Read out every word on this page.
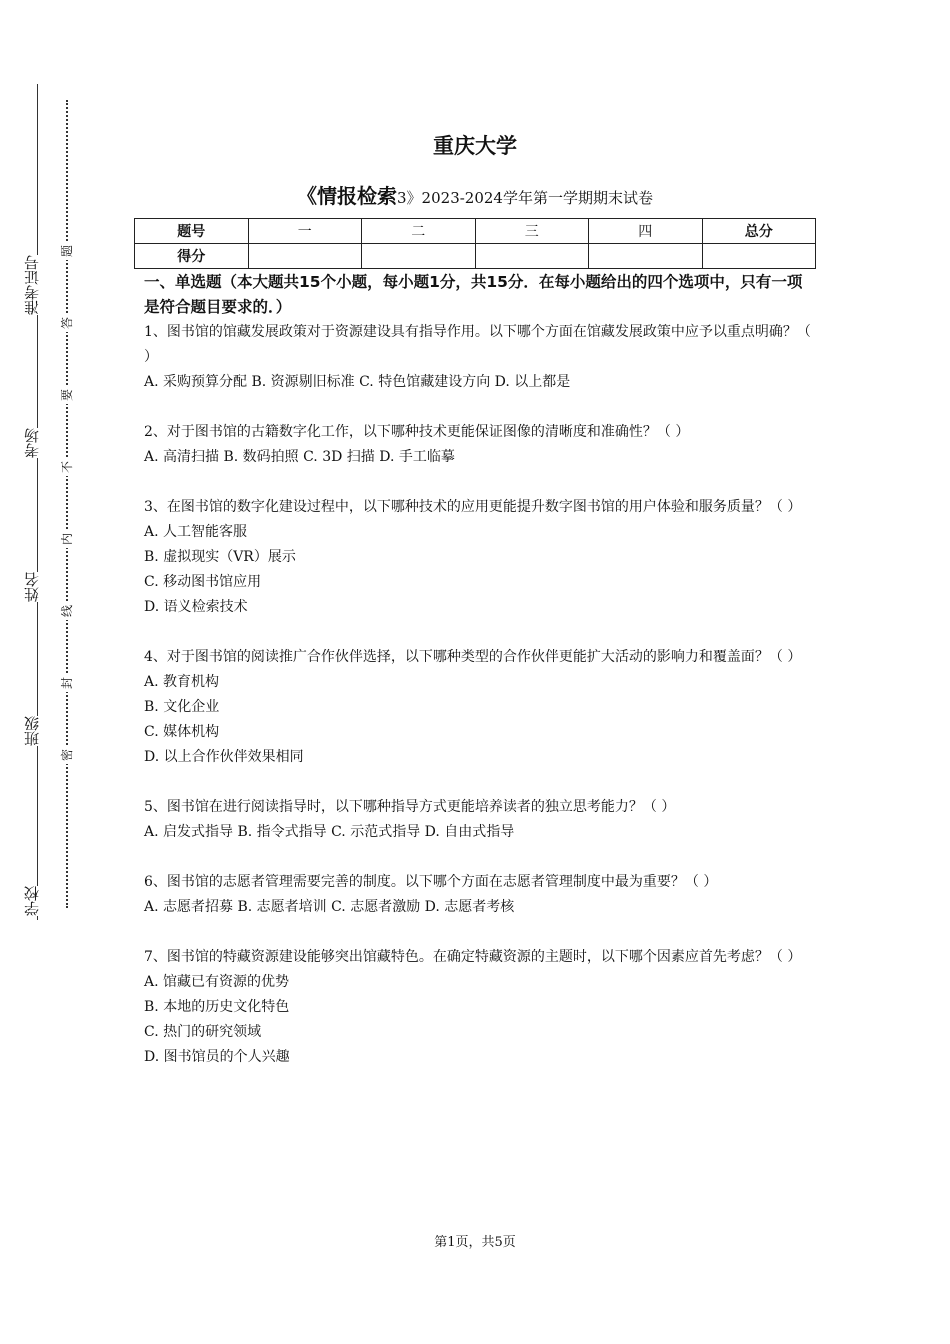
准考证号
考场
姓名
班级
学校
题
答
要
不
内
线
封
密
重庆大学
《情报检索3》2023-2024学年第一学期期末试卷
题号	一	二	三	四	总分
得分					
一、单选题（本大题共15个小题，每小题1分，共15分．在每小题给出的四个选项中，只有一项是符合题目要求的．）

1、图书馆的馆藏发展政策对于资源建设具有指导作用。以下哪个方面在馆藏发展政策中应予以重点明确？（ ）

A. 采购预算分配 B. 资源剔旧标准 C. 特色馆藏建设方向 D. 以上都是

2、对于图书馆的古籍数字化工作，以下哪种技术更能保证图像的清晰度和准确性？（ ）

A. 高清扫描 B. 数码拍照 C. 3D 扫描 D. 手工临摹

3、在图书馆的数字化建设过程中，以下哪种技术的应用更能提升数字图书馆的用户体验和服务质量？（ ）

A. 人工智能客服

B. 虚拟现实（VR）展示

C. 移动图书馆应用

D. 语义检索技术

4、对于图书馆的阅读推广合作伙伴选择，以下哪种类型的合作伙伴更能扩大活动的影响力和覆盖面？（ ）

A. 教育机构

B. 文化企业

C. 媒体机构

D. 以上合作伙伴效果相同

5、图书馆在进行阅读指导时，以下哪种指导方式更能培养读者的独立思考能力？（ ）

A. 启发式指导 B. 指令式指导 C. 示范式指导 D. 自由式指导

6、图书馆的志愿者管理需要完善的制度。以下哪个方面在志愿者管理制度中最为重要？（ ）

A. 志愿者招募 B. 志愿者培训 C. 志愿者激励 D. 志愿者考核

7、图书馆的特藏资源建设能够突出馆藏特色。在确定特藏资源的主题时，以下哪个因素应首先考虑？（ ）

A. 馆藏已有资源的优势

B. 本地的历史文化特色

C. 热门的研究领域

D. 图书馆员的个人兴趣

第1页，共5页
